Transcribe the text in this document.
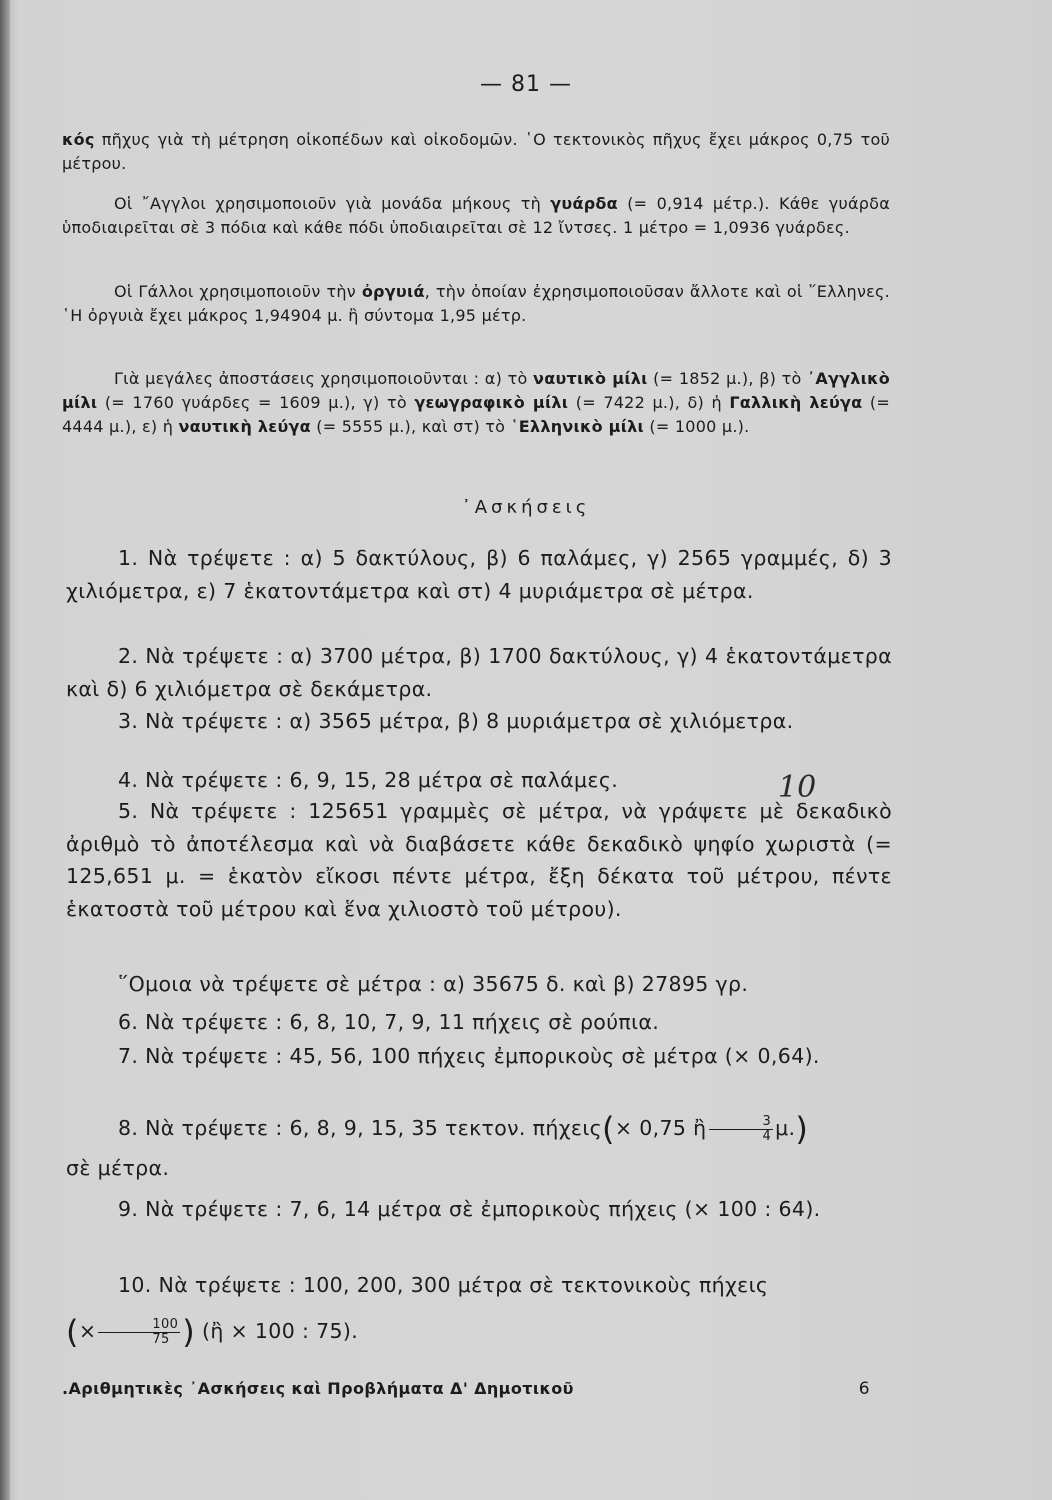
— 81 —

κός πῆχυς γιὰ τὴ μέτρηση οἰκοπέδων καὶ οἰκοδομῶν. ῾Ο τεκτονικὸς πῆχυς ἔχει μάκρος 0,75 τοῦ μέτρου.

Οἱ ῎Αγγλοι χρησιμοποιοῦν γιὰ μονάδα μήκους τὴ γυάρδα (= 0,914 μέτρ.). Κάθε γυάρδα ὑποδιαιρεῖται σὲ 3 πόδια καὶ κάθε πόδι ὑποδιαιρεῖται σὲ 12 ἴντσες. 1 μέτρο = 1,0936 γυάρδες.

Οἱ Γάλλοι χρησιμοποιοῦν τὴν ὀργυιά, τὴν ὁποίαν ἐχρησιμοποιοῦσαν ἄλλοτε καὶ οἱ ῞Ελληνες. ῾Η ὀργυιὰ ἔχει μάκρος 1,94904 μ. ἢ σύντομα 1,95 μέτρ.

Γιὰ μεγάλες ἀποστάσεις χρησιμοποιοῦνται : α) τὸ ναυτικὸ μίλι (= 1852 μ.), β) τὸ ᾿Αγγλικὸ μίλι (= 1760 γυάρδες = 1609 μ.), γ) τὸ γεωγραφικὸ μίλι (= 7422 μ.), δ) ἡ Γαλλικὴ λεύγα (= 4444 μ.), ε) ἡ ναυτικὴ λεύγα (= 5555 μ.), καὶ στ) τὸ ῾Ελληνικὸ μίλι (= 1000 μ.).

᾿Ασκήσεις

1. Νὰ τρέψετε : α) 5 δακτύλους, β) 6 παλάμες, γ) 2565 γραμμές, δ) 3 χιλιόμετρα, ε) 7 ἑκατοντάμετρα καὶ στ) 4 μυριάμετρα σὲ μέτρα.

2. Νὰ τρέψετε : α) 3700 μέτρα, β) 1700 δακτύλους, γ) 4 ἑκατοντάμετρα καὶ δ) 6 χιλιόμετρα σὲ δεκάμετρα.

3. Νὰ τρέψετε : α) 3565 μέτρα, β) 8 μυριάμετρα σὲ χιλιόμετρα.

4. Νὰ τρέψετε : 6, 9, 15, 28 μέτρα σὲ παλάμες.	10

5. Νὰ τρέψετε : 125651 γραμμὲς σὲ μέτρα, νὰ γράψετε μὲ δεκαδικὸ ἀριθμὸ τὸ ἀποτέλεσμα καὶ νὰ διαβάσετε κάθε δεκαδικὸ ψηφίο χωριστὰ (= 125,651 μ. = ἑκατὸν εἴκοσι πέντε μέτρα, ἔξη δέκατα τοῦ μέτρου, πέντε ἑκατοστὰ τοῦ μέτρου καὶ ἕνα χιλιοστὸ τοῦ μέτρου).

῞Ομοια νὰ τρέψετε σὲ μέτρα : α) 35675 δ. καὶ β) 27895 γρ.

6. Νὰ τρέψετε : 6, 8, 10, 7, 9, 11 πήχεις σὲ ρούπια.

7. Νὰ τρέψετε : 45, 56, 100 πήχεις ἐμπορικοὺς σὲ μέτρα (× 0,64).

8. Νὰ τρέψετε : 6, 8, 9, 15, 35 τεκτον. πήχεις(× 0,75 ἢ $\frac{3}{4} \mu$.)
σὲ μέτρα.

9. Νὰ τρέψετε : 7, 6, 14 μέτρα σὲ ἐμπορικοὺς πήχεις (× 100 : 64).

10. Νὰ τρέψετε : 100, 200, 300 μέτρα σὲ τεκτονικοὺς πήχεις
(× $\frac{100}{75}$ ) (ἢ × 100 : 75).

.Αριθμητικὲς ᾿Ασκήσεις καὶ Προβλήματα Δ' Δημοτικοῦ	6
